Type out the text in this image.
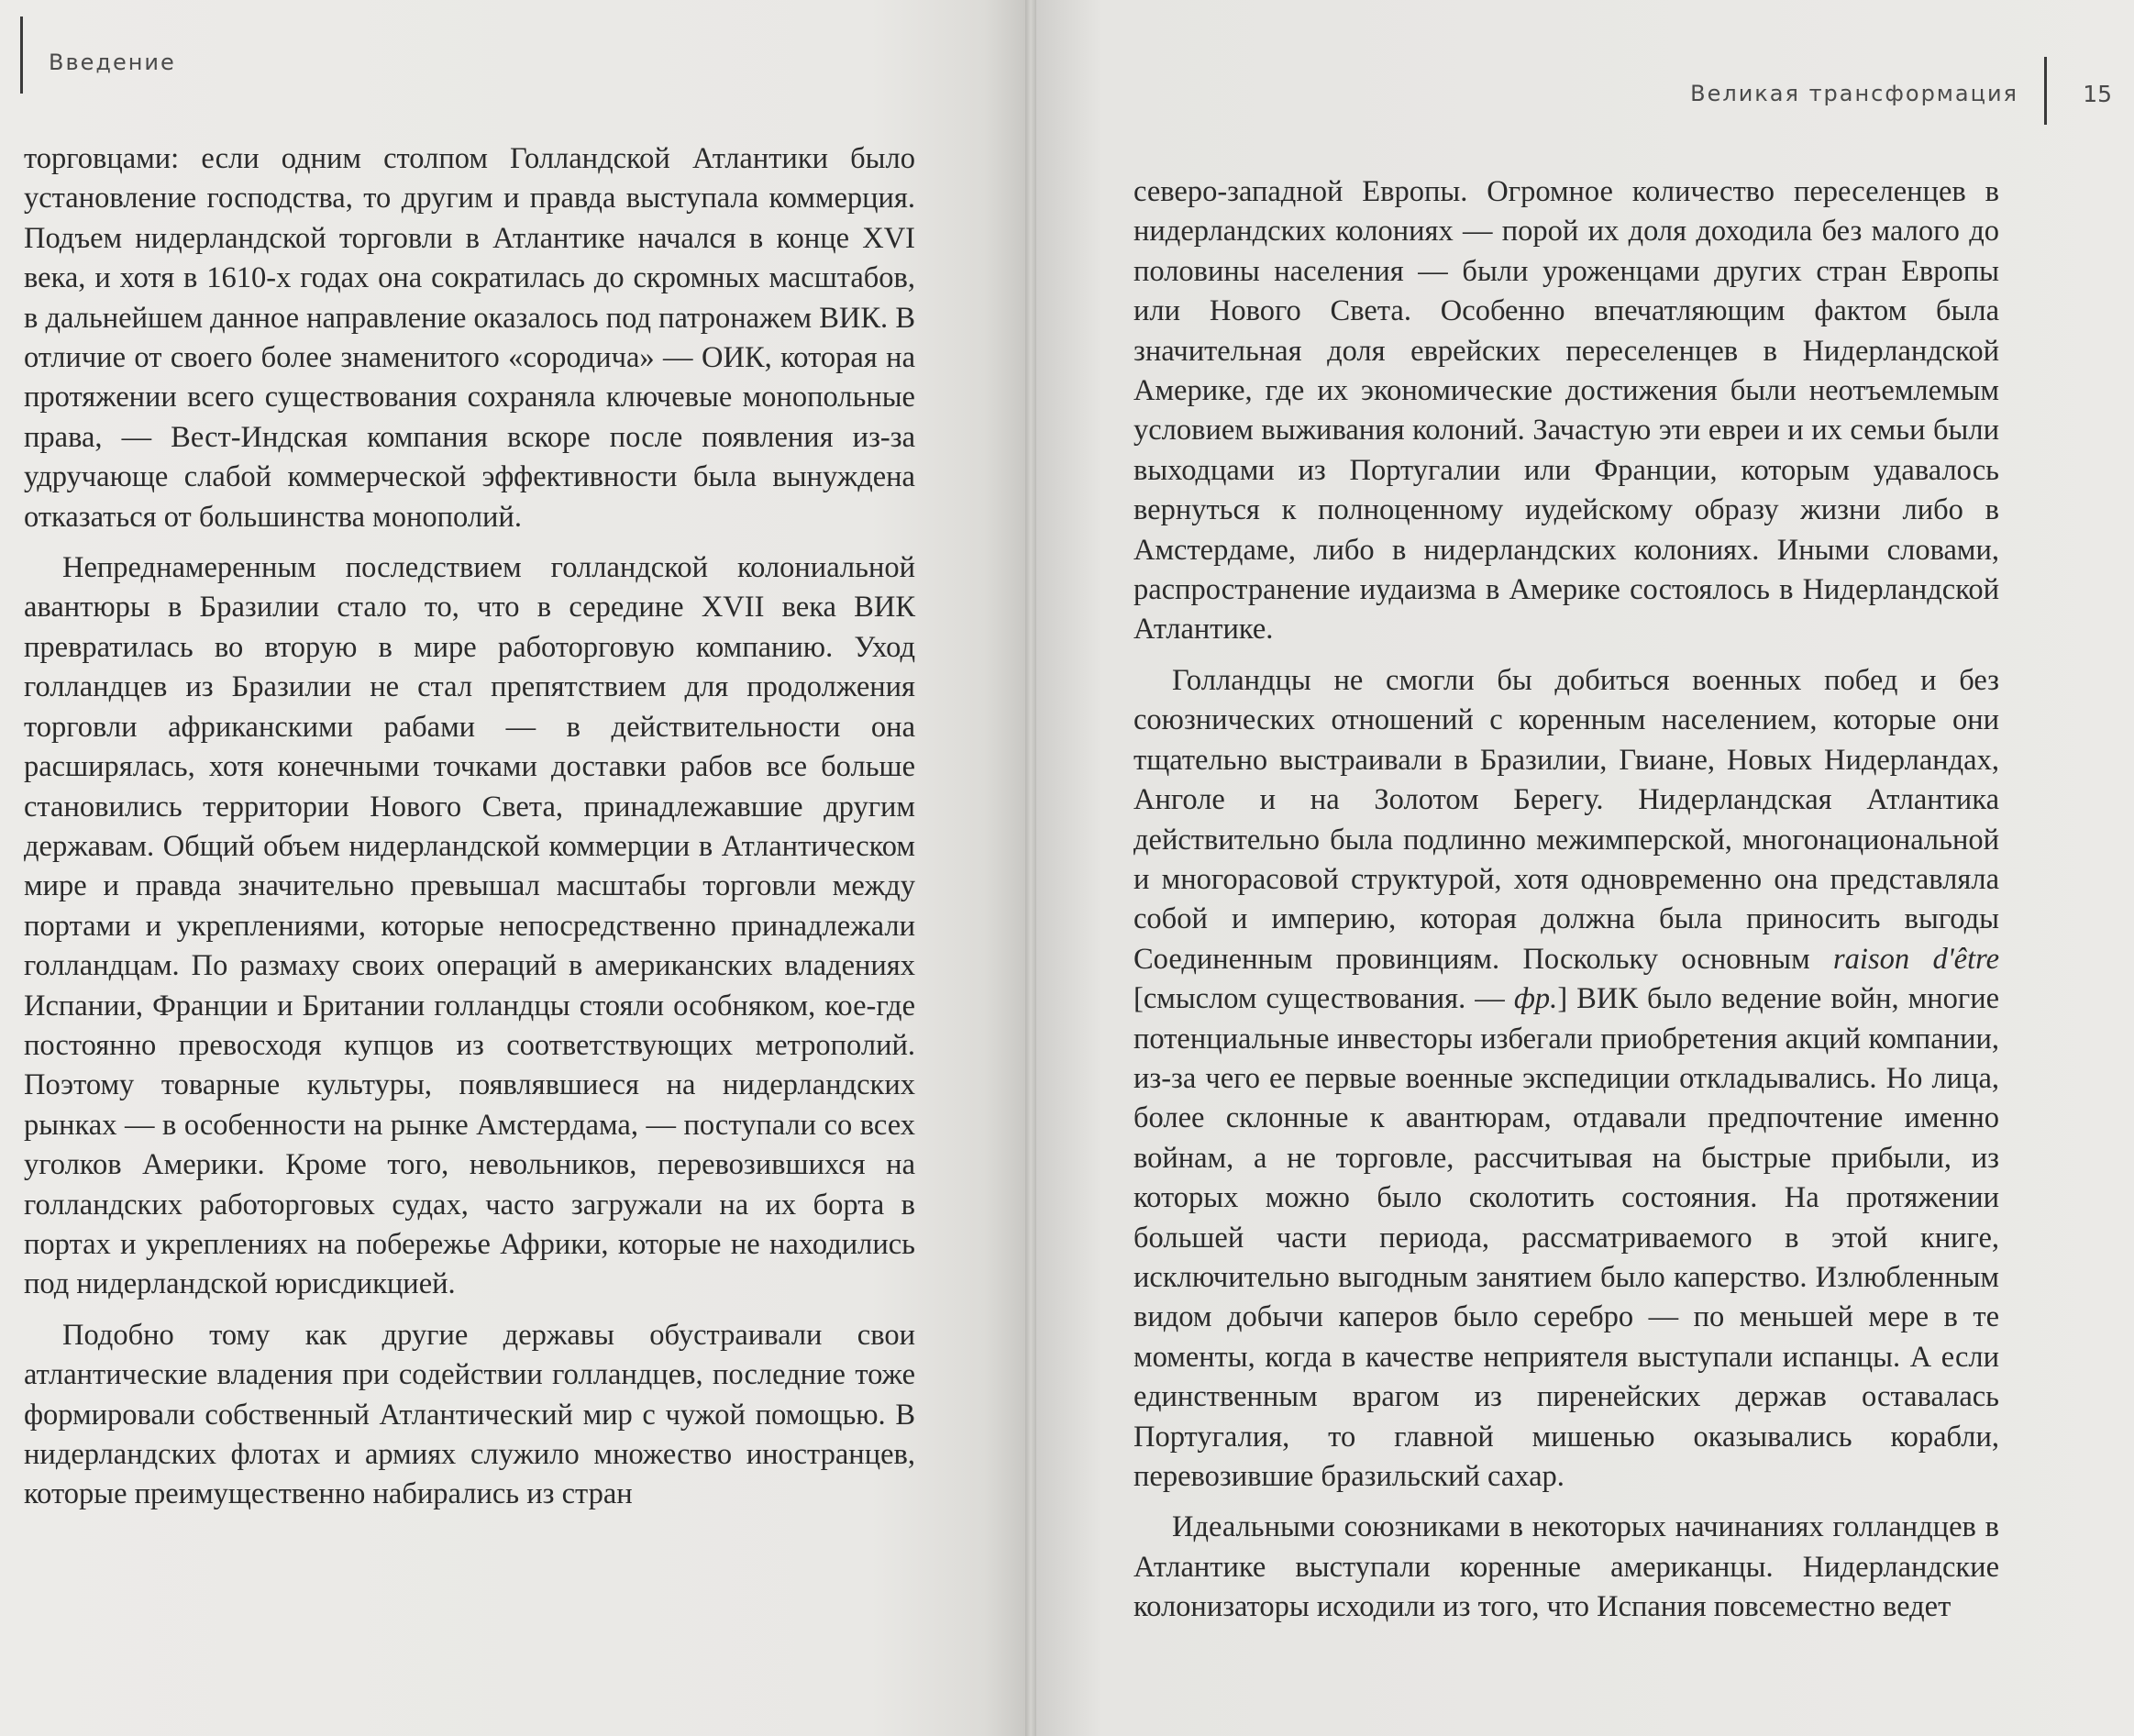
Введение

торговцами: если одним столпом Голландской Атлантики было установление господства, то другим и правда выступала коммерция. Подъем нидерландской торговли в Атлантике начался в конце XVI века, и хотя в 1610-х годах она сократилась до скромных масштабов, в дальнейшем данное направление оказалось под патронажем ВИК. В отличие от своего более знаменитого «сородича» — ОИК, которая на протяжении всего существования сохраняла ключевые монопольные права, — Вест-Индская компания вскоре после появления из-за удручающе слабой коммерческой эффективности была вынуждена отказаться от большинства монополий.

Непреднамеренным последствием голландской колониальной авантюры в Бразилии стало то, что в середине XVII века ВИК превратилась во вторую в мире работорговую компанию. Уход голландцев из Бразилии не стал препятствием для продолжения торговли африканскими рабами — в действительности она расширялась, хотя конечными точками доставки рабов все больше становились территории Нового Света, принадлежавшие другим державам. Общий объем нидерландской коммерции в Атлантическом мире и правда значительно превышал масштабы торговли между портами и укреплениями, которые непосредственно принадлежали голландцам. По размаху своих операций в американских владениях Испании, Франции и Британии голландцы стояли особняком, кое-где постоянно превосходя купцов из соответствующих метрополий. Поэтому товарные культуры, появлявшиеся на нидерландских рынках — в особенности на рынке Амстердама, — поступали со всех уголков Америки. Кроме того, невольников, перевозившихся на голландских работорговых судах, часто загружали на их борта в портах и укреплениях на побережье Африки, которые не находились под нидерландской юрисдикцией.

Подобно тому как другие державы обустраивали свои атлантические владения при содействии голландцев, последние тоже формировали собственный Атлантический мир с чужой помощью. В нидерландских флотах и армиях служило множество иностранцев, которые преимущественно набирались из стран

Великая трансформация	15

северо-западной Европы. Огромное количество переселенцев в нидерландских колониях — порой их доля доходила без малого до половины населения — были уроженцами других стран Европы или Нового Света. Особенно впечатляющим фактом была значительная доля еврейских переселенцев в Нидерландской Америке, где их экономические достижения были неотъемлемым условием выживания колоний. Зачастую эти евреи и их семьи были выходцами из Португалии или Франции, которым удавалось вернуться к полноценному иудейскому образу жизни либо в Амстердаме, либо в нидерландских колониях. Иными словами, распространение иудаизма в Америке состоялось в Нидерландской Атлантике.

Голландцы не смогли бы добиться военных побед и без союзнических отношений с коренным населением, которые они тщательно выстраивали в Бразилии, Гвиане, Новых Нидерландах, Анголе и на Золотом Берегу. Нидерландская Атлантика действительно была подлинно межимперской, многонациональной и многорасовой структурой, хотя одновременно она представляла собой и империю, которая должна была приносить выгоды Соединенным провинциям. Поскольку основным raison d'être [смыслом существования. — фр.] ВИК было ведение войн, многие потенциальные инвесторы избегали приобретения акций компании, из-за чего ее первые военные экспедиции откладывались. Но лица, более склонные к авантюрам, отдавали предпочтение именно войнам, а не торговле, рассчитывая на быстрые прибыли, из которых можно было сколотить состояния. На протяжении большей части периода, рассматриваемого в этой книге, исключительно выгодным занятием было каперство. Излюбленным видом добычи каперов было серебро — по меньшей мере в те моменты, когда в качестве неприятеля выступали испанцы. А если единственным врагом из пиренейских держав оставалась Португалия, то главной мишенью оказывались корабли, перевозившие бразильский сахар.

Идеальными союзниками в некоторых начинаниях голландцев в Атлантике выступали коренные американцы. Нидерландские колонизаторы исходили из того, что Испания повсеместно ведет
